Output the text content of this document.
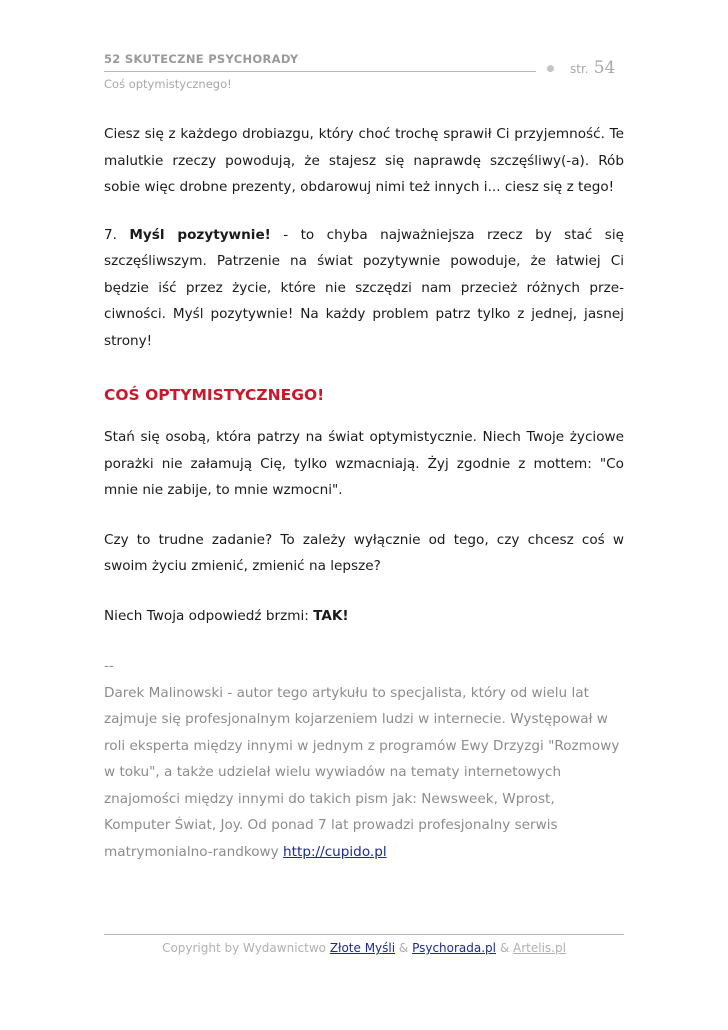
52 SKUTECZNE PSYCHORADY
str. 54
Coś optymistycznego!

Ciesz się z każdego drobiazgu, który choć trochę sprawił Ci przyjemność. Te malutkie rzeczy powodują, że stajesz się naprawdę szczęśliwy(-a). Rób sobie więc drobne prezenty, obdarowuj nimi też innych i... ciesz się z tego!

7. Myśl pozytywnie! - to chyba najważniejsza rzecz by stać się szczęśliwszym. Patrzenie na świat pozytywnie powoduje, że łatwiej Ci będzie iść przez życie, które nie szczędzi nam przecież różnych przeciwności. Myśl pozytywnie! Na każdy problem patrz tylko z jednej, jasnej strony!

COŚ OPTYMISTYCZNEGO!

Stań się osobą, która patrzy na świat optymistycznie. Niech Twoje życiowe porażki nie załamują Cię, tylko wzmacniają. Żyj zgodnie z mottem: "Co mnie nie zabije, to mnie wzmocni".

Czy to trudne zadanie? To zależy wyłącznie od tego, czy chcesz coś w swoim życiu zmienić, zmienić na lepsze?

Niech Twoja odpowiedź brzmi: TAK!

--

Darek Malinowski - autor tego artykułu to specjalista, który od wielu lat zajmuje się profesjonalnym kojarzeniem ludzi w internecie. Występował w roli eksperta między innymi w jednym z programów Ewy Drzyzgi "Rozmowy w toku", a także udzielał wielu wywiadów na tematy internetowych znajomości między innymi do takich pism jak: Newsweek, Wprost, Komputer Świat, Joy. Od ponad 7 lat prowadzi profesjonalny serwis matrymonialno-randkowy http://cupido.pl

Copyright by Wydawnictwo Złote Myśli & Psychorada.pl & Artelis.pl
